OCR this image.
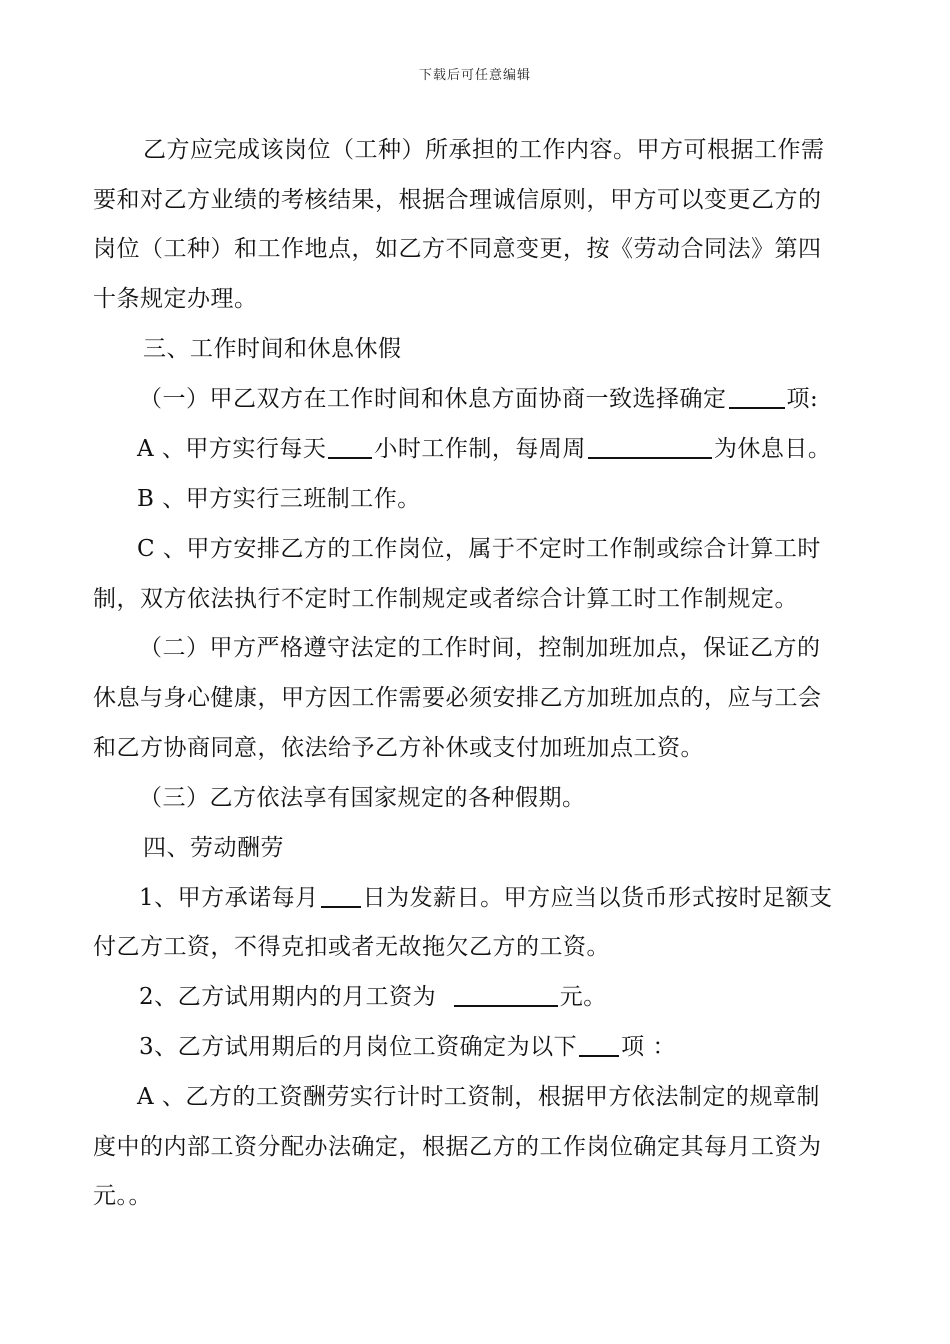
下载后可任意编辑
乙方应完成该岗位（工种）所承担的工作内容。甲方可根据工作需
要和对乙方业绩的考核结果，根据合理诚信原则，甲方可以变更乙方的
岗位（工种）和工作地点，如乙方不同意变更，按《劳动合同法》第四
十条规定办理。
三、工作时间和休息休假
（一）甲乙双方在工作时间和休息方面协商一致选择确定	项:
A 、甲方实行每天 小时工作制，每周周	为休息日。
B 、甲方实行三班制工作。
C 、甲方安排乙方的工作岗位，属于不定时工作制或综合计算工时
制，双方依法执行不定时工作制规定或者综合计算工时工作制规定。
（二）甲方严格遵守法定的工作时间，控制加班加点，保证乙方的
休息与身心健康，甲方因工作需要必须安排乙方加班加点的，应与工会
和乙方协商同意，依法给予乙方补休或支付加班加点工资。
（三）乙方依法享有国家规定的各种假期。
四、劳动酬劳
1、甲方承诺每月 日为发薪日。甲方应当以货币形式按时足额支
付乙方工资，不得克扣或者无故拖欠乙方的工资。
2、乙方试用期内的月工资为	元。
3、乙方试用期后的月岗位工资确定为以下 项 ：
A 、乙方的工资酬劳实行计时工资制，根据甲方依法制定的规章制
度中的内部工资分配办法确定，根据乙方的工作岗位确定其每月工资为
元。。
